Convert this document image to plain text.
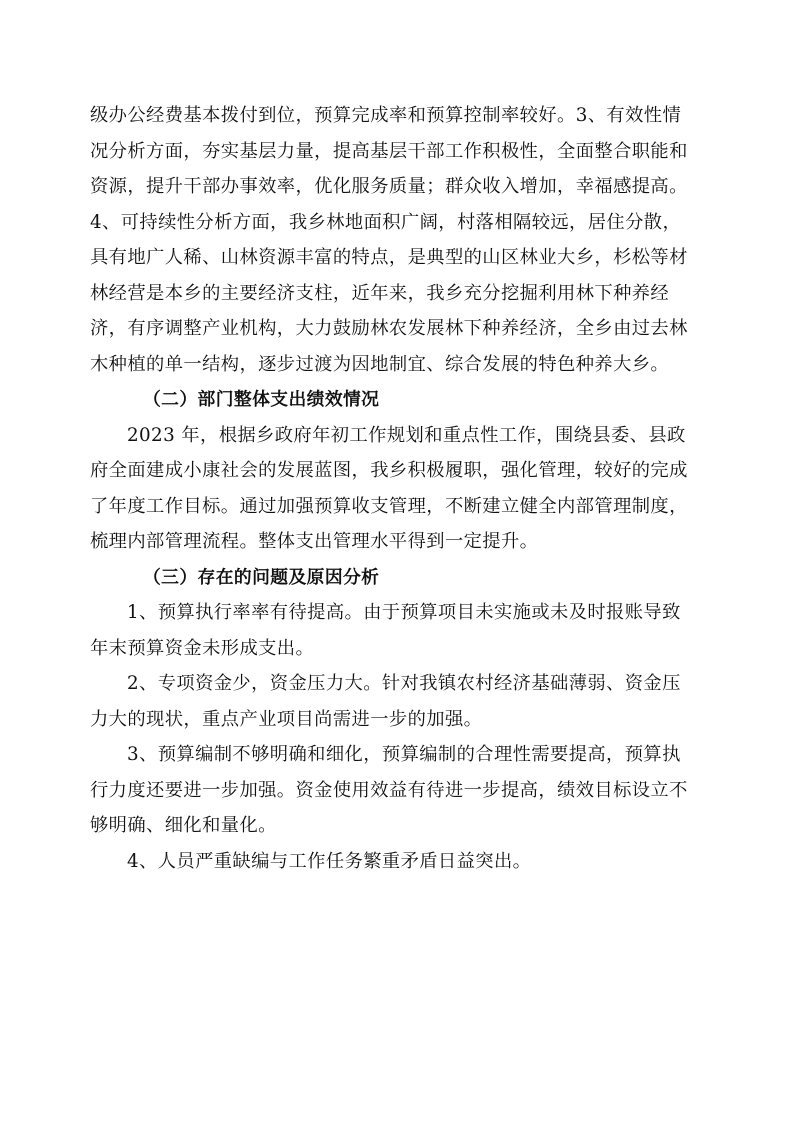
级办公经费基本拨付到位，预算完成率和预算控制率较好。3、有效性情
况分析方面，夯实基层力量，提高基层干部工作积极性，全面整合职能和
资源，提升干部办事效率，优化服务质量；群众收入增加，幸福感提高。
4、可持续性分析方面，我乡林地面积广阔，村落相隔较远，居住分散，
具有地广人稀、山林资源丰富的特点，是典型的山区林业大乡，杉松等材
林经营是本乡的主要经济支柱，近年来，我乡充分挖掘利用林下种养经
济，有序调整产业机构，大力鼓励林农发展林下种养经济，全乡由过去林
木种植的单一结构，逐步过渡为因地制宜、综合发展的特色种养大乡。
（二）部门整体支出绩效情况
2023 年，根据乡政府年初工作规划和重点性工作，围绕县委、县政
府全面建成小康社会的发展蓝图，我乡积极履职，强化管理，较好的完成
了年度工作目标。通过加强预算收支管理，不断建立健全内部管理制度，
梳理内部管理流程。整体支出管理水平得到一定提升。
（三）存在的问题及原因分析
1、预算执行率率有待提高。由于预算项目未实施或未及时报账导致
年末预算资金未形成支出。
2、专项资金少，资金压力大。针对我镇农村经济基础薄弱、资金压
力大的现状，重点产业项目尚需进一步的加强。
3、预算编制不够明确和细化，预算编制的合理性需要提高，预算执
行力度还要进一步加强。资金使用效益有待进一步提高，绩效目标设立不
够明确、细化和量化。
4、人员严重缺编与工作任务繁重矛盾日益突出。
